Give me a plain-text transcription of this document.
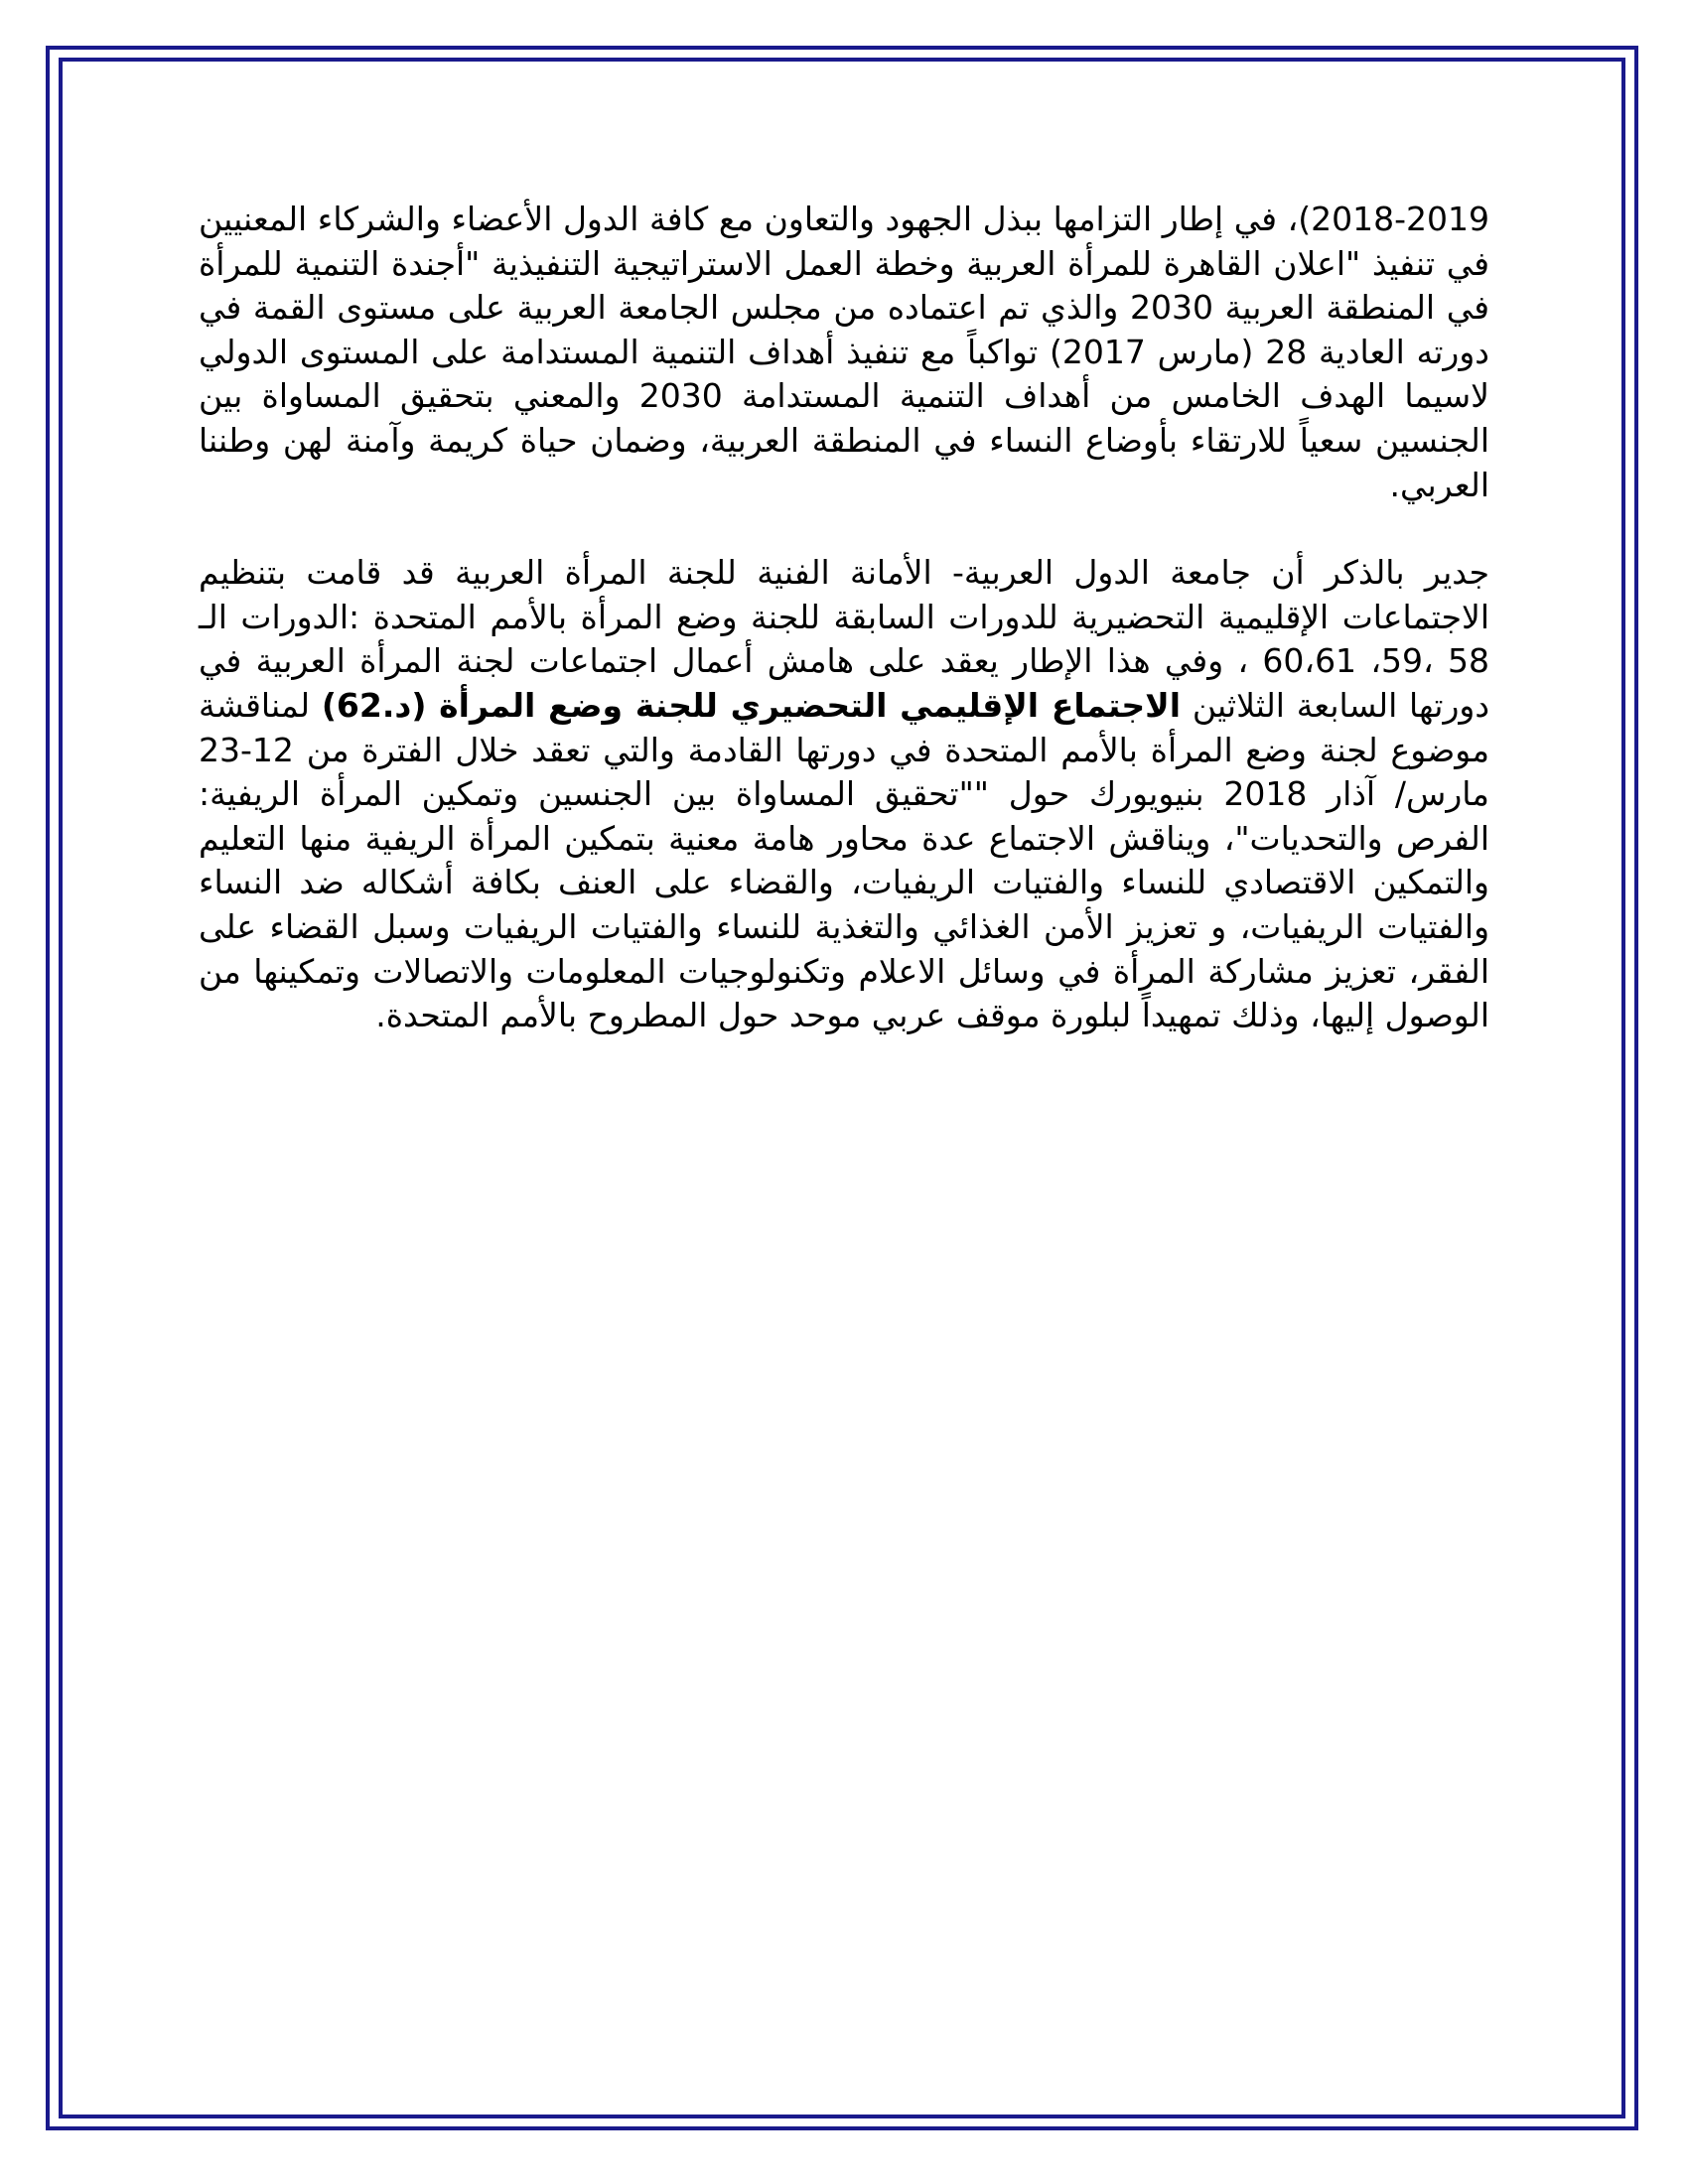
2018-2019)، في إطار التزامها ببذل الجهود والتعاون مع كافة الدول الأعضاء والشركاء المعنيين في تنفيذ "اعلان القاهرة للمرأة العربية وخطة العمل الاستراتيجية التنفيذية "أجندة التنمية للمرأة في المنطقة العربية 2030 والذي تم اعتماده من مجلس الجامعة العربية على مستوى القمة في دورته العادية 28 (مارس 2017) تواكباً مع تنفيذ أهداف التنمية المستدامة على المستوى الدولي لاسيما الهدف الخامس من أهداف التنمية المستدامة 2030 والمعني بتحقيق المساواة بين الجنسين سعياً للارتقاء بأوضاع النساء في المنطقة العربية، وضمان حياة كريمة وآمنة لهن وطننا العربي.

جدير بالذكر أن جامعة الدول العربية- الأمانة الفنية للجنة المرأة العربية قد قامت بتنظيم الاجتماعات الإقليمية التحضيرية للدورات السابقة للجنة وضع المرأة بالأمم المتحدة :الدورات الـ 58 ،59، 60،61 ، وفي هذا الإطار يعقد على هامش أعمال اجتماعات لجنة المرأة العربية في دورتها السابعة الثلاثين الاجتماع الإقليمي التحضيري للجنة وضع المرأة (د.62) لمناقشة موضوع لجنة وضع المرأة بالأمم المتحدة في دورتها القادمة والتي تعقد خلال الفترة من 12-23 مارس/ آذار 2018 بنيويورك حول ""تحقيق المساواة بين الجنسين وتمكين المرأة الريفية: الفرص والتحديات"، ويناقش الاجتماع عدة محاور هامة معنية بتمكين المرأة الريفية منها التعليم والتمكين الاقتصادي للنساء والفتيات الريفيات، والقضاء على العنف بكافة أشكاله ضد النساء والفتيات الريفيات، و تعزيز الأمن الغذائي والتغذية للنساء والفتيات الريفيات وسبل القضاء على الفقر، تعزيز مشاركة المرأة في وسائل الاعلام وتكنولوجيات المعلومات والاتصالات وتمكينها من الوصول إليها، وذلك تمهيداً لبلورة موقف عربي موحد حول المطروح بالأمم المتحدة.
